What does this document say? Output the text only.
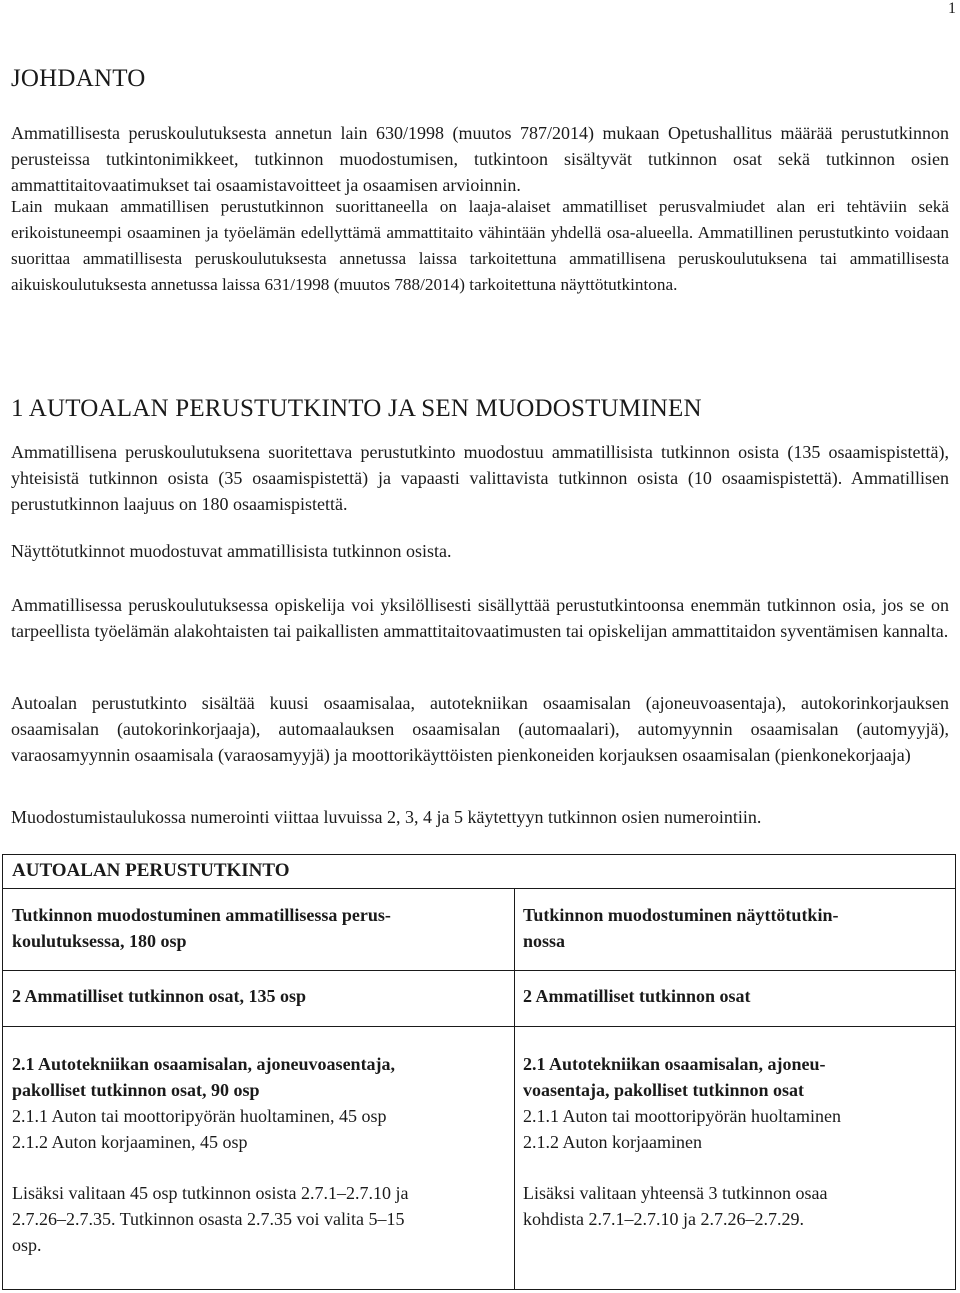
1
JOHDANTO

Ammatillisesta peruskoulutuksesta annetun lain 630/1998 (muutos 787/2014) mukaan Opetushallitus määrää perustutkinnon perusteissa tutkintonimikkeet, tutkinnon muodostumisen, tutkintoon sisältyvät tutkinnon osat sekä tutkinnon osien ammattitaitovaatimukset tai osaamistavoitteet ja osaamisen arvioinnin.

Lain mukaan ammatillisen perustutkinnon suorittaneella on laaja-alaiset ammatilliset perusvalmiudet alan eri tehtäviin sekä erikoistuneempi osaaminen ja työelämän edellyttämä ammattitaito vähintään yhdellä osa-alueella. Ammatillinen perustutkinto voidaan suorittaa ammatillisesta peruskoulutuksesta annetussa laissa tarkoitettuna ammatillisena peruskoulutuksena tai ammatillisesta aikuiskoulutuksesta annetussa laissa 631/1998 (muutos 788/2014) tarkoitettuna näyttötutkintona.

1 AUTOALAN PERUSTUTKINTO JA SEN MUODOSTUMINEN

Ammatillisena peruskoulutuksena suoritettava perustutkinto muodostuu ammatillisista tutkinnon osista (135 osaamispistettä), yhteisistä tutkinnon osista (35 osaamispistettä) ja vapaasti valittavista tutkinnon osista (10 osaamispistettä). Ammatillisen perustutkinnon laajuus on 180 osaamispistettä.

Näyttötutkinnot muodostuvat ammatillisista tutkinnon osista.

Ammatillisessa peruskoulutuksessa opiskelija voi yksilöllisesti sisällyttää perustutkintoonsa enemmän tutkinnon osia, jos se on tarpeellista työelämän alakohtaisten tai paikallisten ammattitaitovaatimusten tai opiskelijan ammattitaidon syventämisen kannalta.

Autoalan perustutkinto sisältää kuusi osaamisalaa, autotekniikan osaamisalan (ajoneuvoasentaja), autokorinkorjauksen osaamisalan (autokorinkorjaaja), automaalauksen osaamisalan (automaalari), automyynnin osaamisalan (automyyjä), varaosamyynnin osaamisala (varaosamyyjä) ja moottorikäyttöisten pienkoneiden korjauksen osaamisalan (pienkonekorjaaja)

Muodostumistaulukossa numerointi viittaa luvuissa 2, 3, 4 ja 5 käytettyyn tutkinnon osien numerointiin.

AUTOALAN PERUSTUTKINTO
Tutkinnon muodostuminen ammatillisessa perus-
koulutuksessa, 180 osp
2 Ammatilliset tutkinnon osat, 135 osp
2.1 Autotekniikan osaamisalan, ajoneuvoasentaja,
pakolliset tutkinnon osat, 90 osp
2.1.1 Auton tai moottoripyörän huoltaminen, 45 osp
2.1.2 Auton korjaaminen, 45 osp
Lisäksi valitaan 45 osp tutkinnon osista 2.7.1–2.7.10 ja
2.7.26–2.7.35. Tutkinnon osasta 2.7.35 voi valita 5–15
osp.
Tutkinnon muodostuminen näyttötutkin-
nossa
2 Ammatilliset tutkinnon osat
2.1 Autotekniikan osaamisalan, ajoneu-
voasentaja, pakolliset tutkinnon osat
2.1.1 Auton tai moottoripyörän huoltaminen
2.1.2 Auton korjaaminen
Lisäksi valitaan yhteensä 3 tutkinnon osaa
kohdista 2.7.1–2.7.10 ja 2.7.26–2.7.29.
